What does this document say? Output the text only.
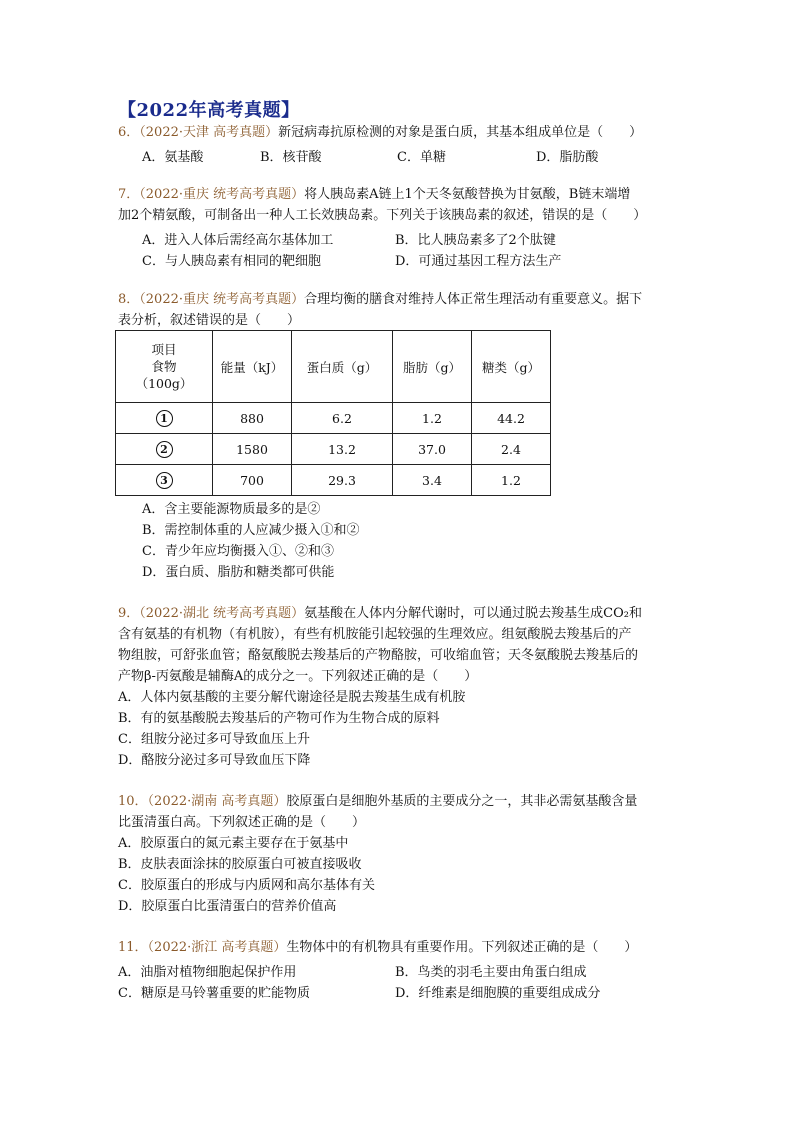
【2022年高考真题】
6．（2022·天津 高考真题）新冠病毒抗原检测的对象是蛋白质，其基本组成单位是（　　）
A．氨基酸	B．核苷酸	C．单糖	D．脂肪酸
7．（2022·重庆 统考高考真题）将人胰岛素A链上1个天冬氨酸替换为甘氨酸，B链末端增
加2个精氨酸，可制备出一种人工长效胰岛素。下列关于该胰岛素的叙述，错误的是（　　）
A．进入人体后需经高尔基体加工	B．比人胰岛素多了2个肽键
C．与人胰岛素有相同的靶细胞	D．可通过基因工程方法生产
8．（2022·重庆 统考高考真题）合理均衡的膳食对维持人体正常生理活动有重要意义。据下
表分析，叙述错误的是（　　）
项目
食物
（100g）	能量（kJ）	蛋白质（g）	脂肪（g）	糖类（g）
1	880	6.2	1.2	44.2
2	1580	13.2	37.0	2.4
3	700	29.3	3.4	1.2
A．含主要能源物质最多的是②
B．需控制体重的人应减少摄入①和②
C．青少年应均衡摄入①、②和③
D．蛋白质、脂肪和糖类都可供能
9．（2022·湖北 统考高考真题）氨基酸在人体内分解代谢时，可以通过脱去羧基生成CO₂和
含有氨基的有机物（有机胺），有些有机胺能引起较强的生理效应。组氨酸脱去羧基后的产
物组胺，可舒张血管；酪氨酸脱去羧基后的产物酪胺，可收缩血管；天冬氨酸脱去羧基后的
产物β-丙氨酸是辅酶A的成分之一。下列叙述正确的是（　　）
A．人体内氨基酸的主要分解代谢途径是脱去羧基生成有机胺
B．有的氨基酸脱去羧基后的产物可作为生物合成的原料
C．组胺分泌过多可导致血压上升
D．酪胺分泌过多可导致血压下降
10．（2022·湖南 高考真题）胶原蛋白是细胞外基质的主要成分之一，其非必需氨基酸含量
比蛋清蛋白高。下列叙述正确的是（　　）
A．胶原蛋白的氮元素主要存在于氨基中
B．皮肤表面涂抹的胶原蛋白可被直接吸收
C．胶原蛋白的形成与内质网和高尔基体有关
D．胶原蛋白比蛋清蛋白的营养价值高
11．（2022·浙江 高考真题）生物体中的有机物具有重要作用。下列叙述正确的是（　　）
A．油脂对植物细胞起保护作用	B．鸟类的羽毛主要由角蛋白组成
C．糖原是马铃薯重要的贮能物质	D．纤维素是细胞膜的重要组成成分
